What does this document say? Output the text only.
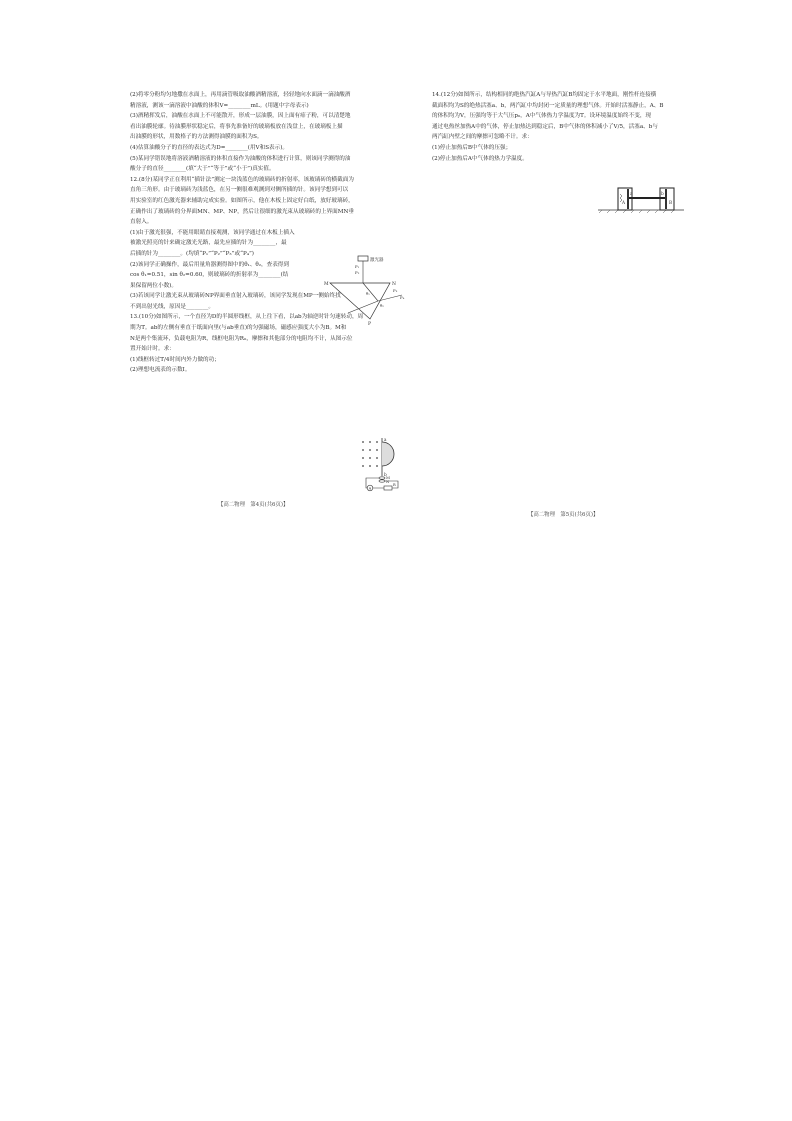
(2)将零分粉均匀地撒在水面上，再用滴管吸取油酸酒精溶液，轻轻地向水面滴一滴油酸酒
精溶液，测该一滴溶液中油酸的体积V=________mL。(用题中字母表示)
(3)酒精挥发后，油酸在水面上不可能散开，形成一层油膜，因上面有痱子粉，可以清楚地
看出油膜轮廓。待油膜形状稳定后，将事先准备好的玻璃板放在浅盘上，在玻璃板上描
出油膜的形状，用数格子的方法测得油膜的面积为S。
(4)估算油酸分子的直径的表达式为D=________(用V和S表示)。
(5)某同学错误地将溶液酒精溶液的体积直接作为油酸的体积进行计算，则该同学测得的油
酸分子的直径________(填“大于”“等于”或“小于”)真实值。
12.(8分)某同学正在利用“插针法”测定一块浅蓝色的玻璃砖的折射率，该玻璃砖的横截面为
直角三角形。由于玻璃砖为浅蓝色，在另一侧很难观测到对侧所插的针。该同学想到可以
用实验室的红色激光器来辅助完成实验。如图所示，他在木板上固定好白纸，放好玻璃砖，
正确作出了玻璃砖的分界面MN、MP、NP，然后让很细的激光束从玻璃砖的上界面MN垂
直射入。
(1)由于激光很强，不能用眼睛直接观测，该同学通过在木板上插入
被激光照亮的针来确定激光光路，最先应插的针为________，最
后插的针为________。(均填“P₁”“P₂”“P₃”或“P₄”)
(2)该同学正确操作，最后用量角器测得图中的θ₁、θ₂，查表得到
cos θ₁=0.51，sin θ₂=0.60，则玻璃砖的折射率为________(结
果保留两位小数)。
(3)若该同学让激光束从玻璃砖NP界面垂直射入玻璃砖，该同学发现在MP一侧始终找
不到出射光线，原因是________。
13.(10分)如图所示，一个直径为D的半圆形线框，从上往下看，以ab为轴逆时针匀速转动，周
期为T。ab的左侧有垂直于纸面向里(与ab垂直)的匀强磁场，磁感应强度大小为B。M和
N是两个集流环，负载电阻为R，线框电阻为R₀，摩擦和其他部分的电阻均不计，从图示位
置开始计时。求：
(1)线框转过T/4时间内外力做的功；
(2)理想电流表的示数I。
激光器
P₁
P₂
M	N
P
P₃
P₄
θ₁
θ₂
a
b
M
N
A
R
【高二物理　第4页(共6页)】
14.(12分)如图所示，结构相同的绝热汽缸A与导热汽缸B均固定于水平地面，刚性杆连接横
截面积均为S的绝热活塞a、b，两汽缸中均封闭一定质量的理想气体。开始时活塞静止，A、B
的体积均为V，压强均等于大气压p₀，A中气体热力学温度为T。设环境温度始终不变，现
通过电热丝加热A中的气体，停止加热达到稳定后，B中气体的体积减小了V/5，活塞a、b与
两汽缸内壁之间的摩擦可忽略不计。求：
(1)停止加热后B中气体的压强；
(2)停止加热后A中气体的热力学温度。
A
a	b
B
【高二物理　第5页(共6页)】
